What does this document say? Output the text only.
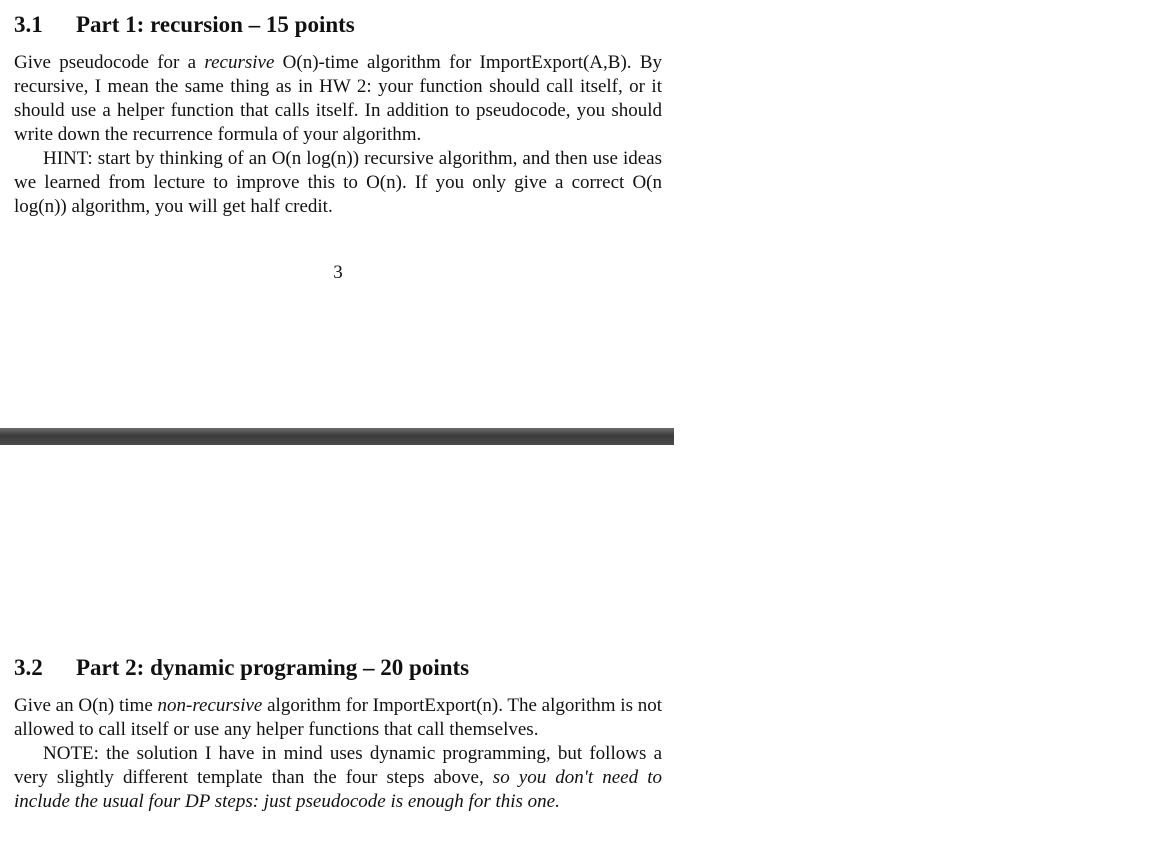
3.1 Part 1: recursion – 15 points

Give pseudocode for a recursive O(n)-time algorithm for ImportExport(A,B). By recursive, I mean the same thing as in HW 2: your function should call itself, or it should use a helper function that calls itself. In addition to pseudocode, you should write down the recurrence formula of your algorithm.

HINT: start by thinking of an O(n log(n)) recursive algorithm, and then use ideas we learned from lecture to improve this to O(n). If you only give a correct O(n log(n)) algorithm, you will get half credit.

3
3.2 Part 2: dynamic programing – 20 points

Give an O(n) time non-recursive algorithm for ImportExport(n). The algorithm is not allowed to call itself or use any helper functions that call themselves.

NOTE: the solution I have in mind uses dynamic programming, but follows a very slightly different template than the four steps above, so you don't need to include the usual four DP steps: just pseudocode is enough for this one.
